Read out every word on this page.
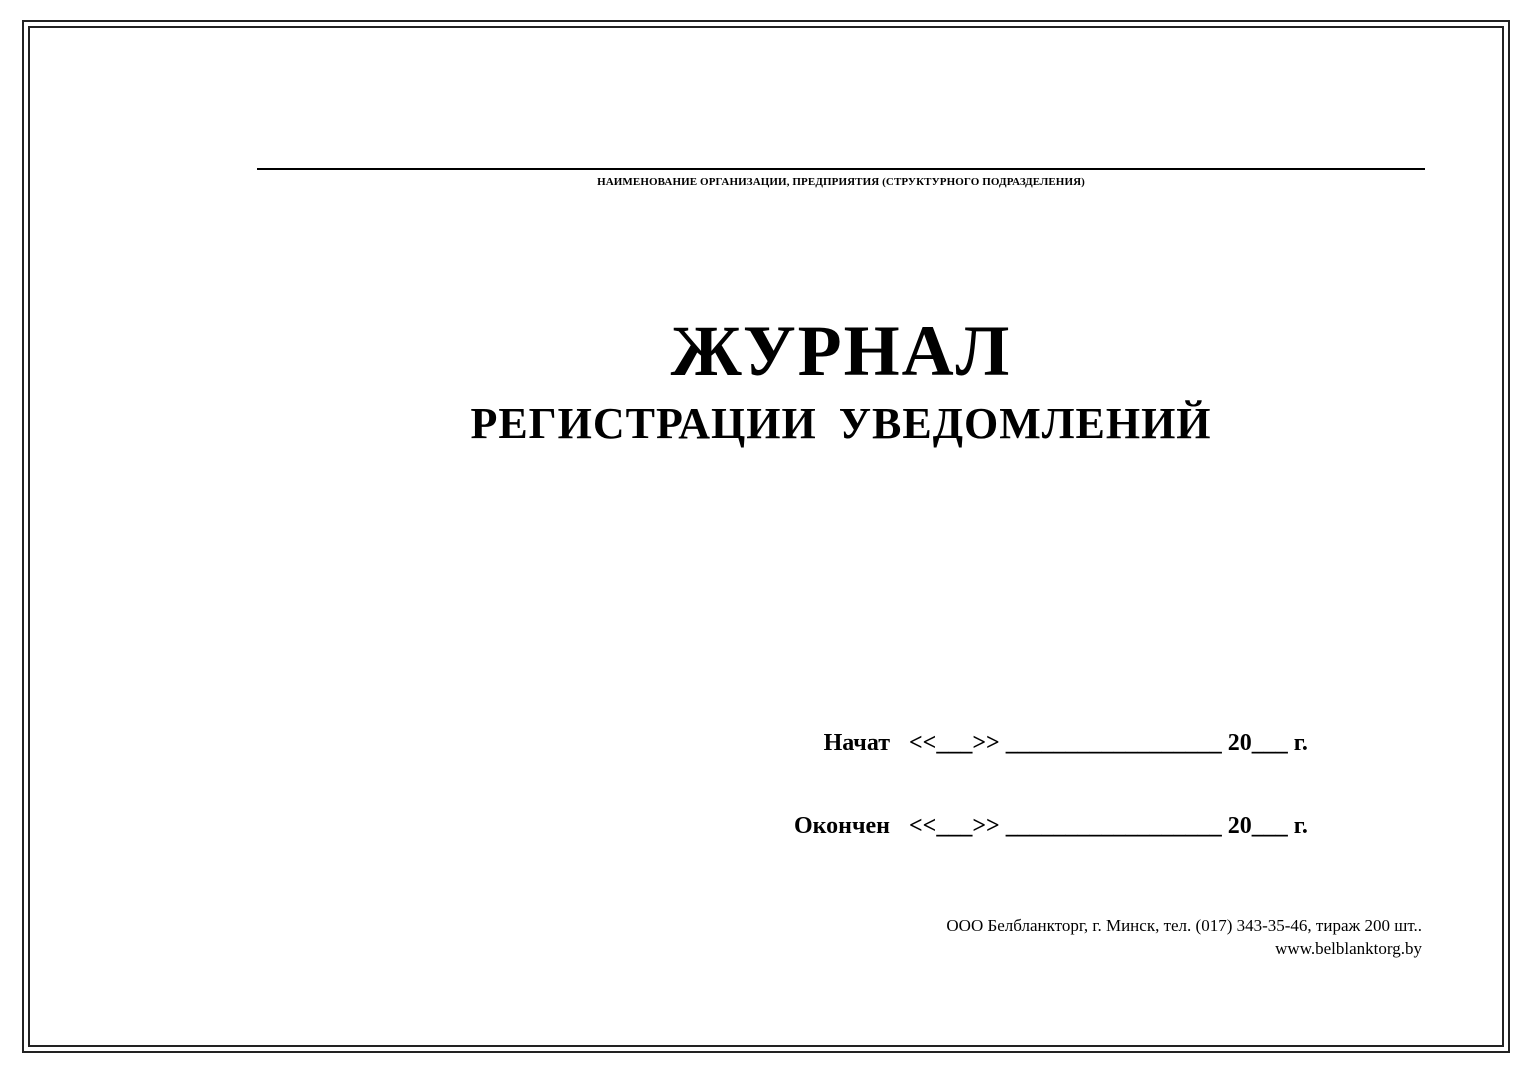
НАИМЕНОВАНИЕ ОРГАНИЗАЦИИ, ПРЕДПРИЯТИЯ (СТРУКТУРНОГО ПОДРАЗДЕЛЕНИЯ)
ЖУРНАЛ
РЕГИСТРАЦИИ УВЕДОМЛЕНИЙ
Начат <<___>> __________________ 20___ г.
Окончен <<___>> __________________ 20___ г.
ООО Белбланкторг, г. Минск, тел. (017) 343-35-46, тираж 200 шт..
www.belblanktorg.by
